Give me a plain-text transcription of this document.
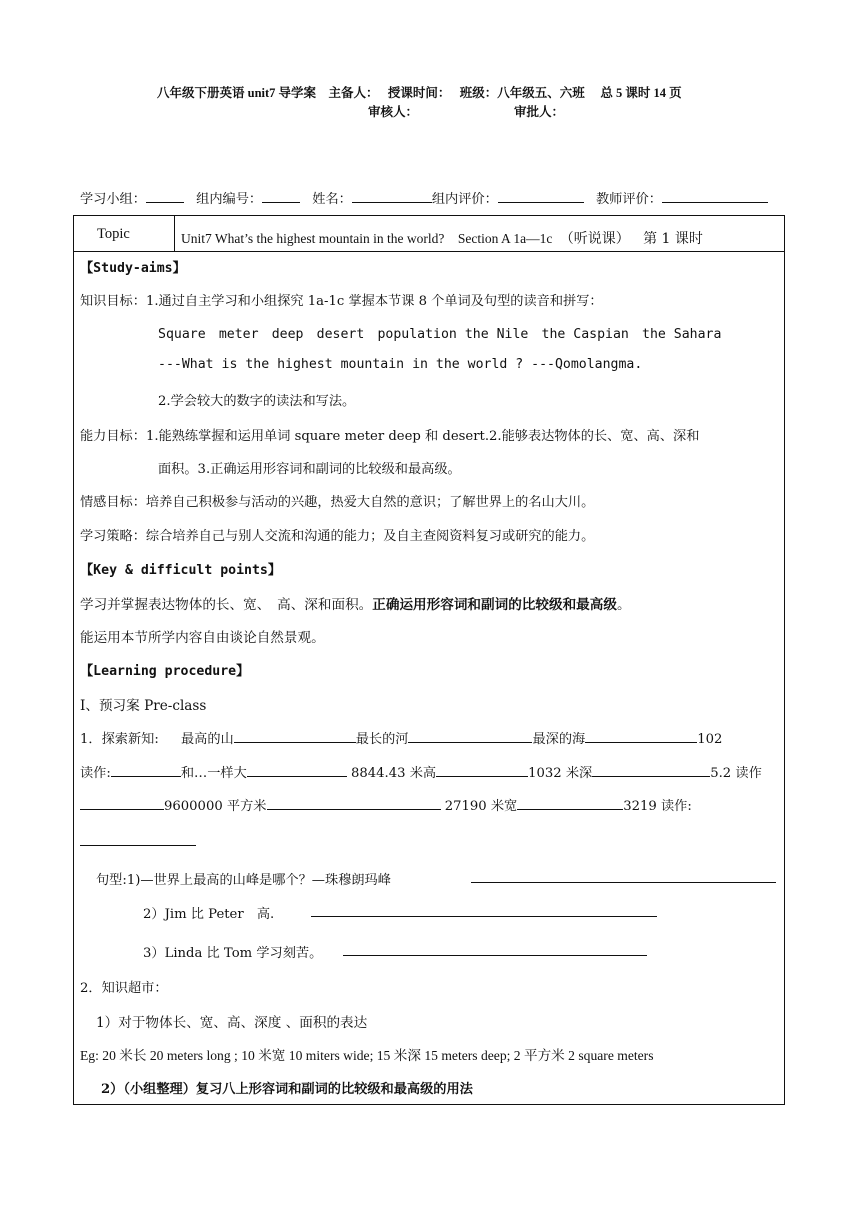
八年级下册英语 unit7 导学案　主备人：　 授课时间：　 班级：八年级五、六班　 总 5 课时 14 页
审核人：	审批人：
学习小组：	组内编号：	姓名：	组内评价：	教师评价：
Topic	Unit7 What’s the highest mountain in the world?　Section A 1a—1c （听说课） 第 1 课时
【Study-aims】
知识目标：1.通过自主学习和小组探究 1a-1c 掌握本节课 8 个单词及句型的读音和拼写：
Square　meter　deep　desert　population the Nile　the Caspian　the Sahara
---What is the highest mountain in the world ? ---Qomolangma.
2.学会较大的数字的读法和写法。
能力目标：1.能熟练掌握和运用单词 square meter deep 和 desert.2.能够表达物体的长、宽、高、深和
面积。3.正确运用形容词和副词的比较级和最高级。
情感目标：培养自己积极参与活动的兴趣，热爱大自然的意识；了解世界上的名山大川。
学习策略：综合培养自己与别人交流和沟通的能力；及自主查阅资料复习或研究的能力。
【Key & difficult points】
学习并掌握表达物体的长、宽、　高、深和面积。正确运用形容词和副词的比较级和最高级。
能运用本节所学内容自由谈论自然景观。
【Learning procedure】
I、预习案 Pre-class
1．探索新知: 最高的山	最长的河	最深的海	102
读作:	和…一样大	8844.43 米高	1032 米深	5.2 读作
9600000 平方米	27190 米宽	3219 读作:
句型:1)—世界上最高的山峰是哪个？—珠穆朗玛峰
2）Jim 比 Peter　高.
3）Linda 比 Tom 学习刻苦。
2．知识超市：
1）对于物体长、宽、高、深度 、面积的表达
Eg: 20 米长 20 meters long ; 10 米宽 10 miters wide; 15 米深 15 meters deep; 2 平方米 2 square meters
2）（小组整理）复习八上形容词和副词的比较级和最高级的用法
